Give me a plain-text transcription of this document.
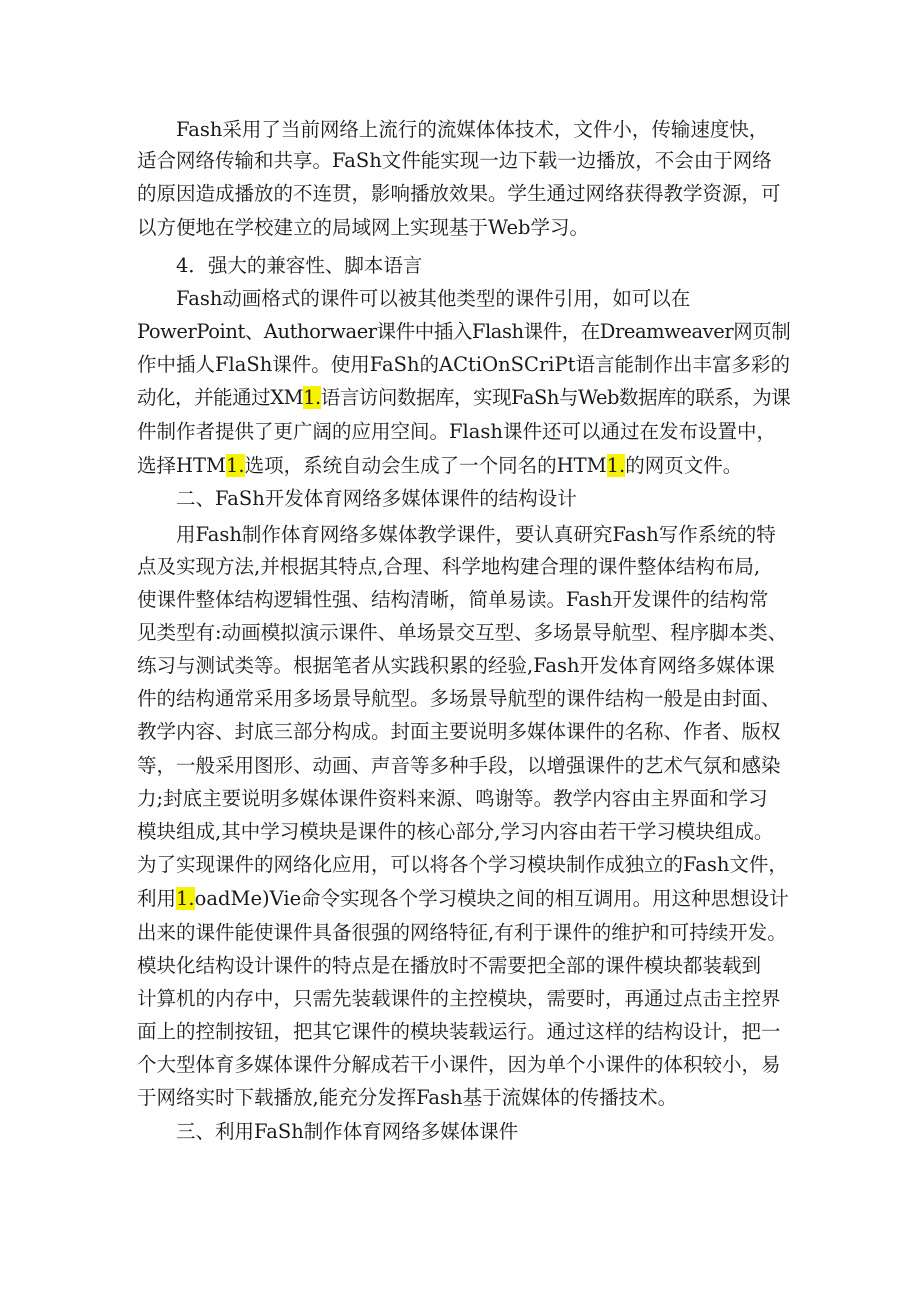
Fash采用了当前网络上流行的流媒体体技术，文件小，传输速度快，
适合网络传输和共享。FaSh文件能实现一边下载一边播放，不会由于网络
的原因造成播放的不连贯，影响播放效果。学生通过网络获得教学资源，可
以方便地在学校建立的局域网上实现基于Web学习。
4．强大的兼容性、脚本语言
Fash动画格式的课件可以被其他类型的课件引用，如可以在
PowerPoint、Authorwaer课件中插入Flash课件，在Dreamweaver网页制
作中插人FlaSh课件。使用FaSh的ACtiOnSCriPt语言能制作出丰富多彩的
动化，并能通过XM1.语言访问数据库，实现FaSh与Web数据库的联系，为课
件制作者提供了更广阔的应用空间。Flash课件还可以通过在发布设置中，
选择HTM1.选项，系统自动会生成了一个同名的HTM1.的网页文件。
二、FaSh开发体育网络多媒体课件的结构设计
用Fash制作体育网络多媒体教学课件，要认真研究Fash写作系统的特
点及实现方法,并根据其特点,合理、科学地构建合理的课件整体结构布局,
使课件整体结构逻辑性强、结构清晰，简单易读。Fash开发课件的结构常
见类型有:动画模拟演示课件、单场景交互型、多场景导航型、程序脚本类、
练习与测试类等。根据笔者从实践积累的经验,Fash开发体育网络多媒体课
件的结构通常采用多场景导航型。多场景导航型的课件结构一般是由封面、
教学内容、封底三部分构成。封面主要说明多媒体课件的名称、作者、版权
等，一般采用图形、动画、声音等多种手段，以增强课件的艺术气氛和感染
力;封底主要说明多媒体课件资料来源、鸣谢等。教学内容由主界面和学习
模块组成,其中学习模块是课件的核心部分,学习内容由若干学习模块组成。
为了实现课件的网络化应用，可以将各个学习模块制作成独立的Fash文件，
利用1.oadMe)Vie命令实现各个学习模块之间的相互调用。用这种思想设计
出来的课件能使课件具备很强的网络特征,有利于课件的维护和可持续开发。
模块化结构设计课件的特点是在播放时不需要把全部的课件模块都装载到
计算机的内存中，只需先装载课件的主控模块，需要时，再通过点击主控界
面上的控制按钮，把其它课件的模块装载运行。通过这样的结构设计，把一
个大型体育多媒体课件分解成若干小课件，因为单个小课件的体积较小，易
于网络实时下载播放,能充分发挥Fash基于流媒体的传播技术。
三、利用FaSh制作体育网络多媒体课件
